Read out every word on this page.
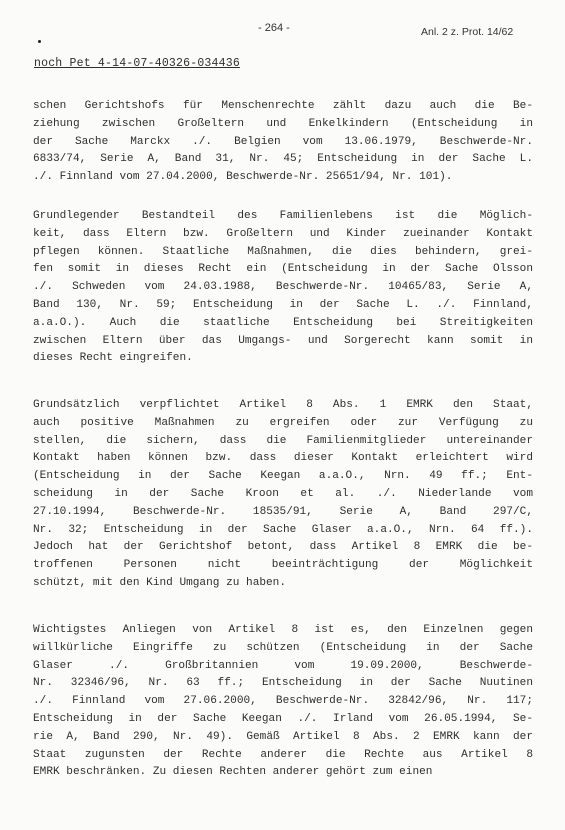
- 264 -	Anl. 2 z. Prot. 14/62
noch Pet 4-14-07-40326-034436
schen Gerichtshofs für Menschenrechte zählt dazu auch die Be-
ziehung zwischen Großeltern und Enkelkindern (Entscheidung in
der Sache Marckx ./. Belgien vom 13.06.1979, Beschwerde-Nr.
6833/74, Serie A, Band 31, Nr. 45; Entscheidung in der Sache L.
./. Finnland vom 27.04.2000, Beschwerde-Nr. 25651/94, Nr. 101).
Grundlegender Bestandteil des Familienlebens ist die Möglich-
keit, dass Eltern bzw. Großeltern und Kinder zueinander Kontakt
pflegen können. Staatliche Maßnahmen, die dies behindern, grei-
fen somit in dieses Recht ein (Entscheidung in der Sache Olsson
./. Schweden vom 24.03.1988, Beschwerde-Nr. 10465/83, Serie A,
Band 130, Nr. 59; Entscheidung in der Sache L. ./. Finnland,
a.a.O.). Auch die staatliche Entscheidung bei Streitigkeiten
zwischen Eltern über das Umgangs- und Sorgerecht kann somit in
dieses Recht eingreifen.
Grundsätzlich verpflichtet Artikel 8 Abs. 1 EMRK den Staat,
auch positive Maßnahmen zu ergreifen oder zur Verfügung zu
stellen, die sichern, dass die Familienmitglieder untereinander
Kontakt haben können bzw. dass dieser Kontakt erleichtert wird
(Entscheidung in der Sache Keegan a.a.O., Nrn. 49 ff.; Ent-
scheidung in der Sache Kroon et al. ./. Niederlande vom
27.10.1994, Beschwerde-Nr. 18535/91, Serie A, Band 297/C,
Nr. 32; Entscheidung in der Sache Glaser a.a.O., Nrn. 64 ff.).
Jedoch hat der Gerichtshof betont, dass Artikel 8 EMRK die be-
troffenen Personen nicht beeinträchtigung der Möglichkeit
schützt, mit den Kind Umgang zu haben.
Wichtigstes Anliegen von Artikel 8 ist es, den Einzelnen gegen
willkürliche Eingriffe zu schützen (Entscheidung in der Sache
Glaser ./. Großbritannien vom 19.09.2000, Beschwerde-
Nr. 32346/96, Nr. 63 ff.; Entscheidung in der Sache Nuutinen
./. Finnland vom 27.06.2000, Beschwerde-Nr. 32842/96, Nr. 117;
Entscheidung in der Sache Keegan ./. Irland vom 26.05.1994, Se-
rie A, Band 290, Nr. 49). Gemäß Artikel 8 Abs. 2 EMRK kann der
Staat zugunsten der Rechte anderer die Rechte aus Artikel 8
EMRK beschränken. Zu diesen Rechten anderer gehört zum einen
